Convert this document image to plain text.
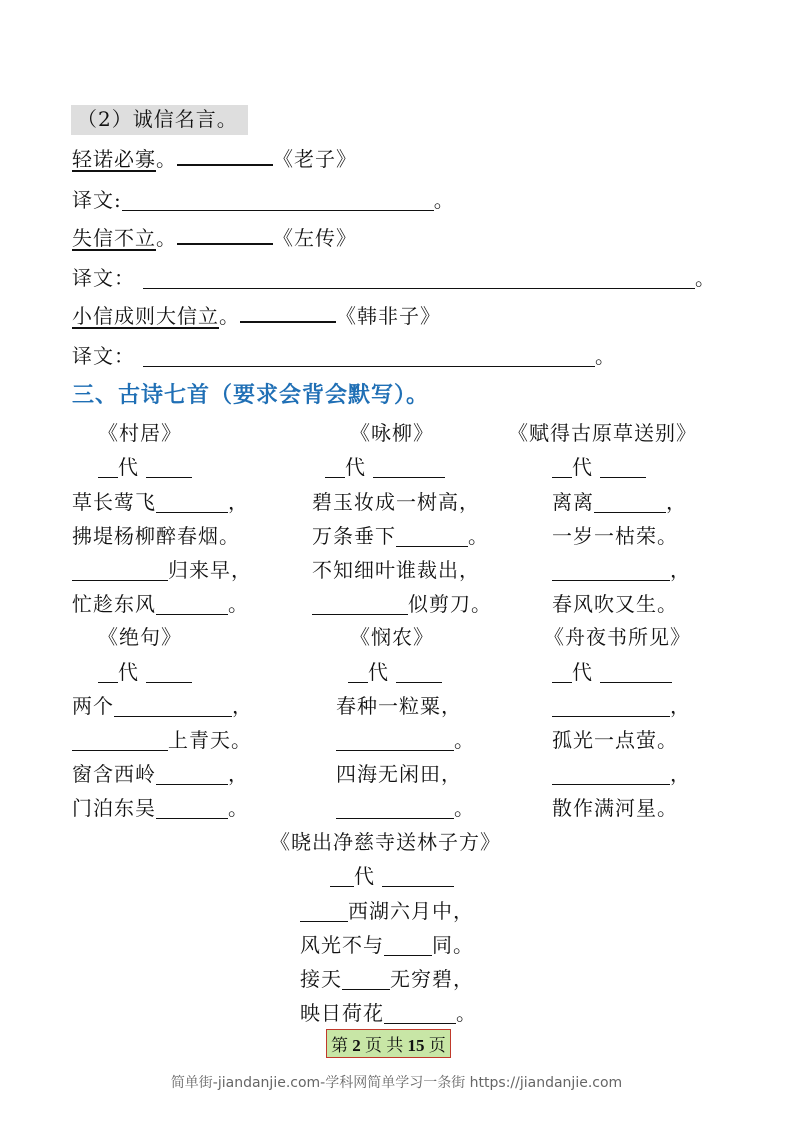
（2）诚信名言。
轻诺必寡。	《老子》
译文:	。
失信不立。	《左传》
译文：	。
小信成则大信立。	《韩非子》
译文：	。
三、古诗七首（要求会背会默写）。
《村居》
代
草长莺飞	，
拂堤杨柳醉春烟。
归来早，
忙趁东风	。
《咏柳》
代
碧玉妆成一树高，
万条垂下	。
不知细叶谁裁出，
似剪刀。
《赋得古原草送别》
代
离离	，
一岁一枯荣。
，
春风吹又生。
《绝句》
代
两个	，
上青天。
窗含西岭	，
门泊东吴	。
《悯农》
代
春种一粒粟，
。
四海无闲田，
。
《舟夜书所见》
代
，
孤光一点萤。
，
散作满河星。
《晓出净慈寺送林子方》
代
西湖六月中，
风光不与 同。
接天 无穷碧，
映日荷花	。
第 2 页 共 15 页
简单街-jiandanjie.com-学科网简单学习一条街 https://jiandanjie.com
